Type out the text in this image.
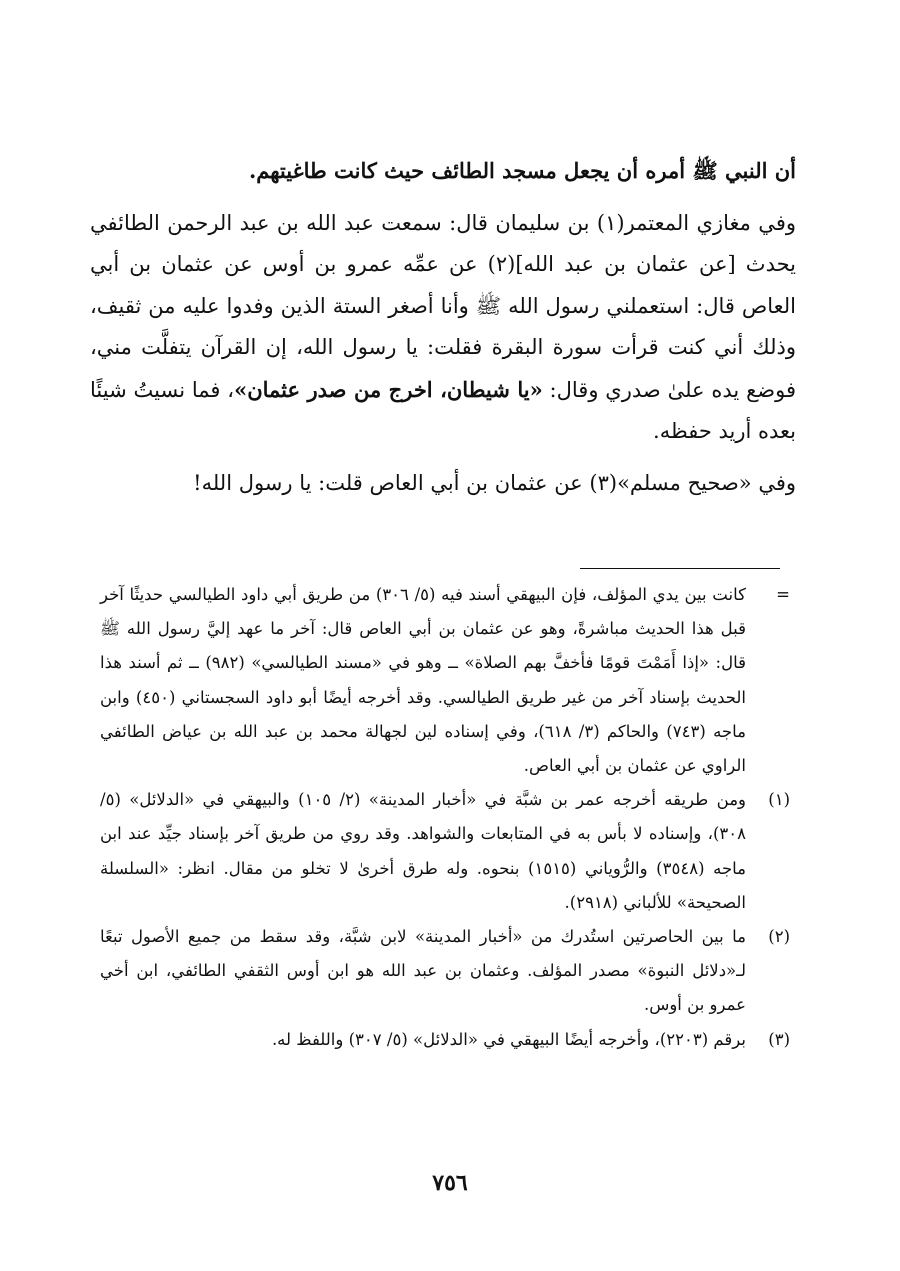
أن النبي ﷺ أمره أن يجعل مسجد الطائف حيث كانت طاغيتهم.

وفي مغازي المعتمر(١) بن سليمان قال: سمعت عبد الله بن عبد الرحمن الطائفي يحدث [عن عثمان بن عبد الله](٢) عن عمِّه عمرو بن أوس عن عثمان بن أبي العاص قال: استعملني رسول الله ﷺ وأنا أصغر الستة الذين وفدوا عليه من ثقيف، وذلك أني كنت قرأت سورة البقرة فقلت: يا رسول الله، إن القرآن يتفلَّت مني، فوضع يده علىٰ صدري وقال: «يا شيطان، اخرج من صدر عثمان»، فما نسيتُ شيئًا بعده أريد حفظه.

وفي «صحيح مسلم»(٣) عن عثمان بن أبي العاص قلت: يا رسول الله!

=
كانت بين يدي المؤلف، فإن البيهقي أسند فيه (٥/ ٣٠٦) من طريق أبي داود الطيالسي حديثًا آخر قبل هذا الحديث مباشرةً، وهو عن عثمان بن أبي العاص قال: آخر ما عهد إليَّ رسول الله ﷺ قال: «إذا أَمَمْتَ قومًا فأخفَّ بهم الصلاة» ــ وهو في «مسند الطيالسي» (٩٨٢) ــ ثم أسند هذا الحديث بإسناد آخر من غير طريق الطيالسي. وقد أخرجه أيضًا أبو داود السجستاني (٤٥٠) وابن ماجه (٧٤٣) والحاكم (٣/ ٦١٨)، وفي إسناده لين لجهالة محمد بن عبد الله بن عياض الطائفي الراوي عن عثمان بن أبي العاص.

(١)
ومن طريقه أخرجه عمر بن شبَّة في «أخبار المدينة» (٢/ ١٠٥) والبيهقي في «الدلائل» (٥/ ٣٠٨)، وإسناده لا بأس به في المتابعات والشواهد. وقد روي من طريق آخر بإسناد جيِّد عند ابن ماجه (٣٥٤٨) والرُّوياني (١٥١٥) بنحوه. وله طرق أخرىٰ لا تخلو من مقال. انظر: «السلسلة الصحيحة» للألباني (٢٩١٨).

(٢)
ما بين الحاصرتين استُدرك من «أخبار المدينة» لابن شبَّة، وقد سقط من جميع الأصول تبعًا لـ«دلائل النبوة» مصدر المؤلف. وعثمان بن عبد الله هو ابن أوس الثقفي الطائفي، ابن أخي عمرو بن أوس.

(٣)
برقم (٢٢٠٣)، وأخرجه أيضًا البيهقي في «الدلائل» (٥/ ٣٠٧) واللفظ له.

٧٥٦
